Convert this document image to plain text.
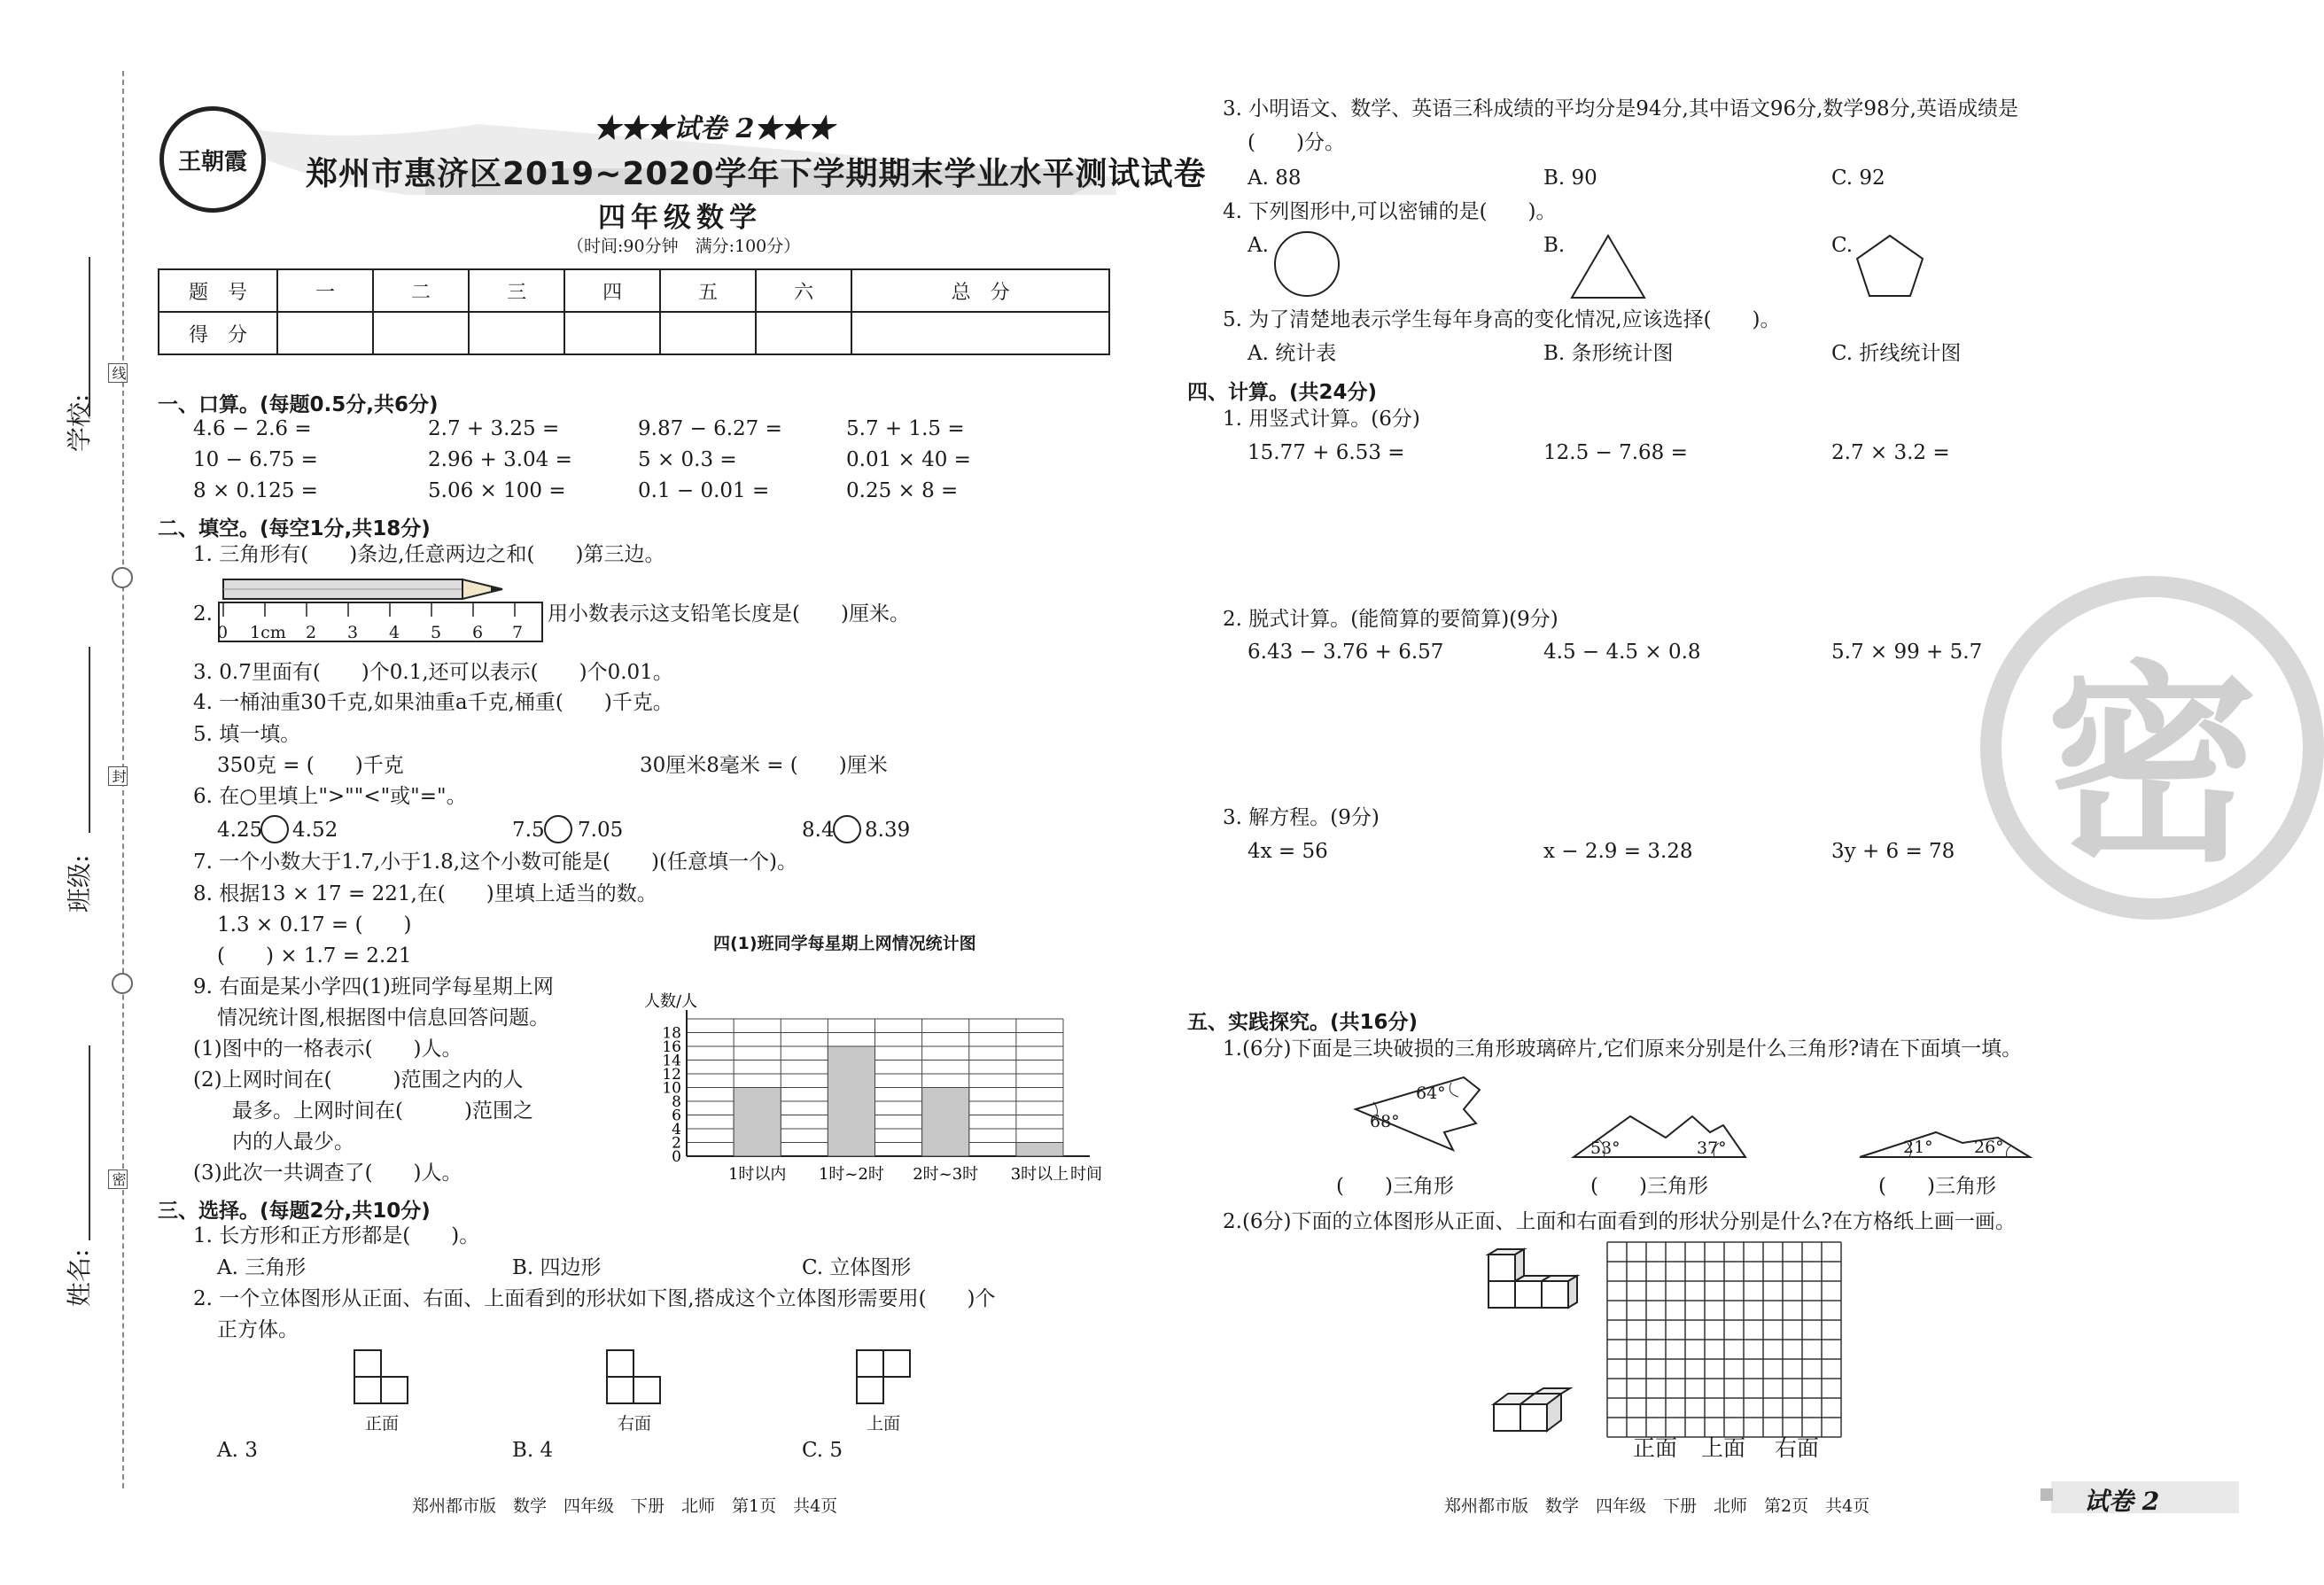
线
封
密
学校:
班级:
姓名:
王朝霞
★★★试卷 2★★★
郑州市惠济区2019~2020学年下学期期末学业水平测试试卷
四年级数学
（时间:90分钟　满分:100分）
题　号	一	二	三	四	五	六	总　分
得　分							
一、口算。(每题0.5分,共6分)
4.6 − 2.6 =	2.7 + 3.25 =	9.87 − 6.27 =	5.7 + 1.5 =
10 − 6.75 =	2.96 + 3.04 =	5 × 0.3 =	0.01 × 40 =
8 × 0.125 =	5.06 × 100 =	0.1 − 0.01 =	0.25 × 8 =
二、填空。(每空1分,共18分)
1. 三角形有(　　)条边,任意两边之和(　　)第三边。
2.
0 1cm 2 3 4 5 6 7
用小数表示这支铅笔长度是(　　)厘米。
3. 0.7里面有(　　)个0.1,还可以表示(　　)个0.01。
4. 一桶油重30千克,如果油重a千克,桶重(　　)千克。
5. 填一填。
350克 = (　　)千克	30厘米8毫米 = (　　)厘米
6. 在○里填上">""<"或"="。
4.25 4.52	7.5 7.05	8.4 8.39
7. 一个小数大于1.7,小于1.8,这个小数可能是(　　)(任意填一个)。
8. 根据13 × 17 = 221,在(　　)里填上适当的数。
1.3 × 0.17 = (　　)
(　　) × 1.7 = 2.21
9. 右面是某小学四(1)班同学每星期上网
情况统计图,根据图中信息回答问题。
(1)图中的一格表示(　　)人。
(2)上网时间在(　　　)范围之内的人
最多。上网时间在(　　　)范围之
内的人最少。
(3)此次一共调查了(　　)人。
四(1)班同学每星期上网情况统计图
0
2
4
6
8
10
12
14
16
18
人数/人
1时以内 1时~2时 2时~3时 3时以上 时间
三、选择。(每题2分,共10分)
1. 长方形和正方形都是(　　)。
A. 三角形	B. 四边形	C. 立体图形
2. 一个立体图形从正面、右面、上面看到的形状如下图,搭成这个立体图形需要用(　　)个
正方体。
正面	右面	上面
A. 3	B. 4	C. 5
郑州都市版　数学　四年级　下册　北师　第1页　共4页
3. 小明语文、数学、英语三科成绩的平均分是94分,其中语文96分,数学98分,英语成绩是
(　　)分。
A. 88	B. 90	C. 92
4. 下列图形中,可以密铺的是(　　)。
A.	B.	C.
5. 为了清楚地表示学生每年身高的变化情况,应该选择(　　)。
A. 统计表	B. 条形统计图	C. 折线统计图
四、计算。(共24分)
1. 用竖式计算。(6分)
15.77 + 6.53 =	12.5 − 7.68 =	2.7 × 3.2 =
2. 脱式计算。(能简算的要简算)(9分)
6.43 − 3.76 + 6.57	4.5 − 4.5 × 0.8	5.7 × 99 + 5.7
3. 解方程。(9分)
4x = 56	x − 2.9 = 3.28	3y + 6 = 78 密
五、实践探究。(共16分)
1.(6分)下面是三块破损的三角形玻璃碎片,它们原来分别是什么三角形?请在下面填一填。
64°
68°
53°	37°	21° 26°
(　　)三角形	(　　)三角形	(　　)三角形
2.(6分)下面的立体图形从正面、上面和右面看到的形状分别是什么?在方格纸上画一画。
正面 上面 右面
郑州都市版　数学　四年级　下册　北师　第2页　共4页	试卷 2
